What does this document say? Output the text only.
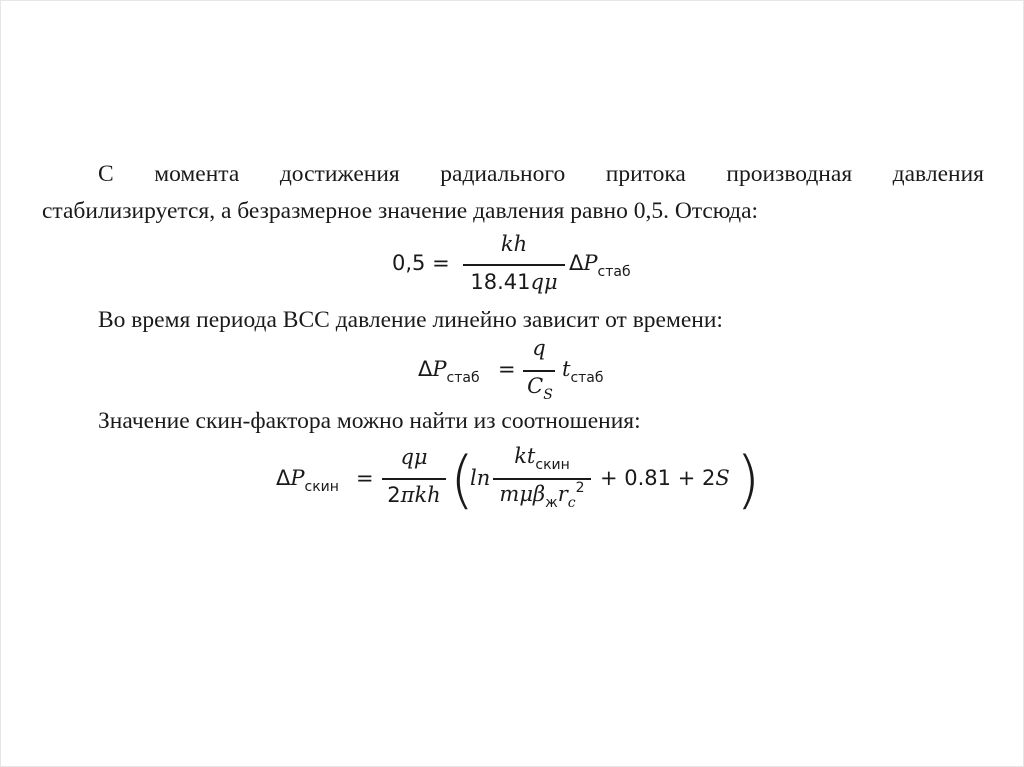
С момента достижения радиального притока производная давления
стабилизируется, а безразмерное значение давления равно 0,5. Отсюда:
0,5 =
kh
18.41qμ
$\Delta P_{стаб}$
Во время периода ВСС давление линейно зависит от времени:
$\Delta P_{стаб}$ =
q
$C_S$
$t_{стаб}$
Значение скин-фактора можно найти из соотношения:
$\Delta P_{скин}$ =
qμ
2πkh (
ln
$kt_{скин}$
$m\mu\beta_жr_c^2 + 0.81 + 2S$ )
